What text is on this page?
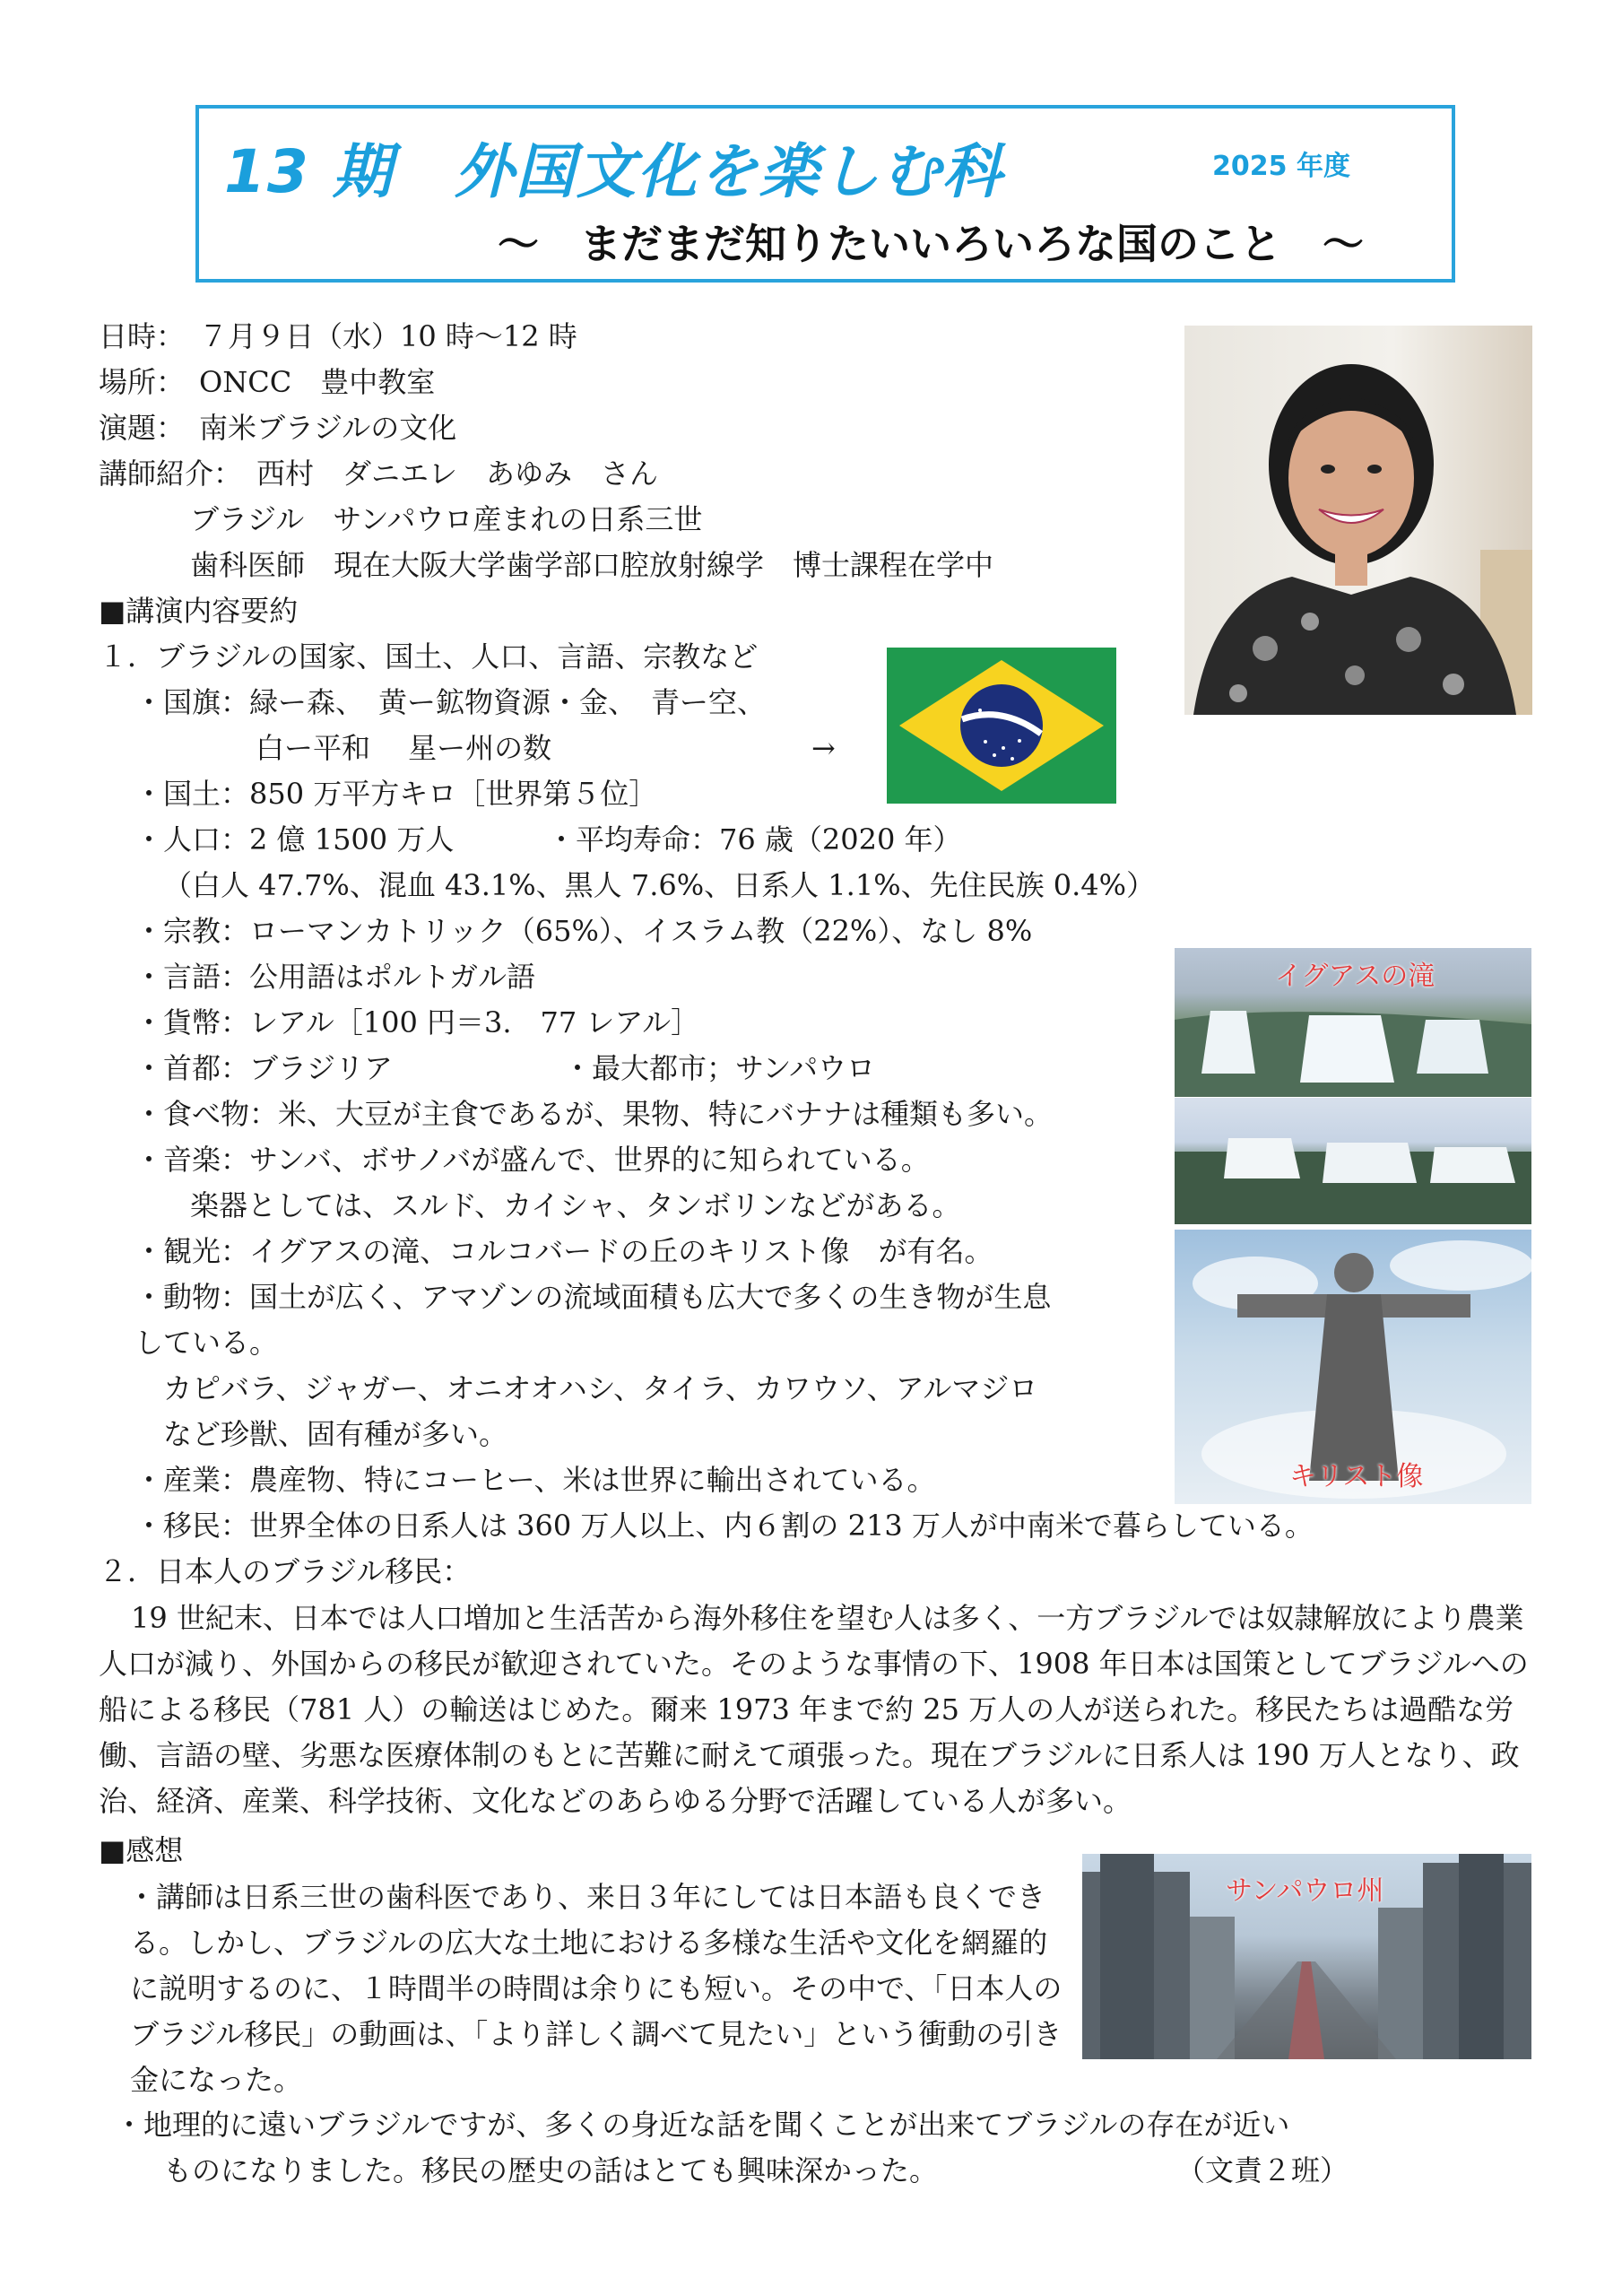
13 期　外国文化を楽しむ科	2025 年度
～　まだまだ知りたいいろいろな国のこと　～
日時：　７月９日（水）10 時～12 時
場所：　ONCC　豊中教室
演題：　南米ブラジルの文化
講師紹介：　西村　ダニエレ　あゆみ　さん
ブラジル　サンパウロ産まれの日系三世
歯科医師　現在大阪大学歯学部口腔放射線学　博士課程在学中
■講演内容要約
１．ブラジルの国家、国土、人口、言語、宗教など
・国旗：緑ー森、　黄ー鉱物資源・金、　青ー空、
白ー平和　 星ー州の数	→
・国土：850 万平方キロ［世界第５位］
・人口：2 億 1500 万人	・平均寿命：76 歳（2020 年）
（白人 47.7%、混血 43.1%、黒人 7.6%、日系人 1.1%、先住民族 0.4%）
・宗教：ローマンカトリック（65%）、イスラム教（22%）、なし 8%
・言語：公用語はポルトガル語
・貨幣：レアル［100 円＝3.　77 レアル］
・首都：ブラジリア	・最大都市；サンパウロ
・食べ物：米、大豆が主食であるが、果物、特にバナナは種類も多い。
・音楽：サンバ、ボサノバが盛んで、世界的に知られている。
楽器としては、スルド、カイシャ、タンボリンなどがある。
・観光：イグアスの滝、コルコバードの丘のキリスト像　が有名。
・動物：国土が広く、アマゾンの流域面積も広大で多くの生き物が生息
している。
カピバラ、ジャガー、オニオオハシ、タイラ、カワウソ、アルマジロ
など珍獣、固有種が多い。
・産業：農産物、特にコーヒー、米は世界に輸出されている。
・移民：世界全体の日系人は 360 万人以上、内６割の 213 万人が中南米で暮らしている。
２．日本人のブラジル移民：
19 世紀末、日本では人口増加と生活苦から海外移住を望む人は多く、一方ブラジルでは奴隷解放により農業人口が減り、外国からの移民が歓迎されていた。そのような事情の下、1908 年日本は国策としてブラジルへの船による移民（781 人）の輸送はじめた。爾来 1973 年まで約 25 万人の人が送られた。移民たちは過酷な労働、言語の壁、劣悪な医療体制のもとに苦難に耐えて頑張った。現在ブラジルに日系人は 190 万人となり、政治、経済、産業、科学技術、文化などのあらゆる分野で活躍している人が多い。
■感想
・講師は日系三世の歯科医であり、来日３年にしては日本語も良くできる。しかし、ブラジルの広大な土地における多様な生活や文化を網羅的に説明するのに、１時間半の時間は余りにも短い。その中で、「日本人のブラジル移民」の動画は、「より詳しく調べて見たい」という衝動の引き金になった。
・地理的に遠いブラジルですが、多くの身近な話を聞くことが出来てブラジルの存在が近い
ものになりました。移民の歴史の話はとても興味深かった。	（文責２班）
イグアスの滝
キリスト像
サンパウロ州
